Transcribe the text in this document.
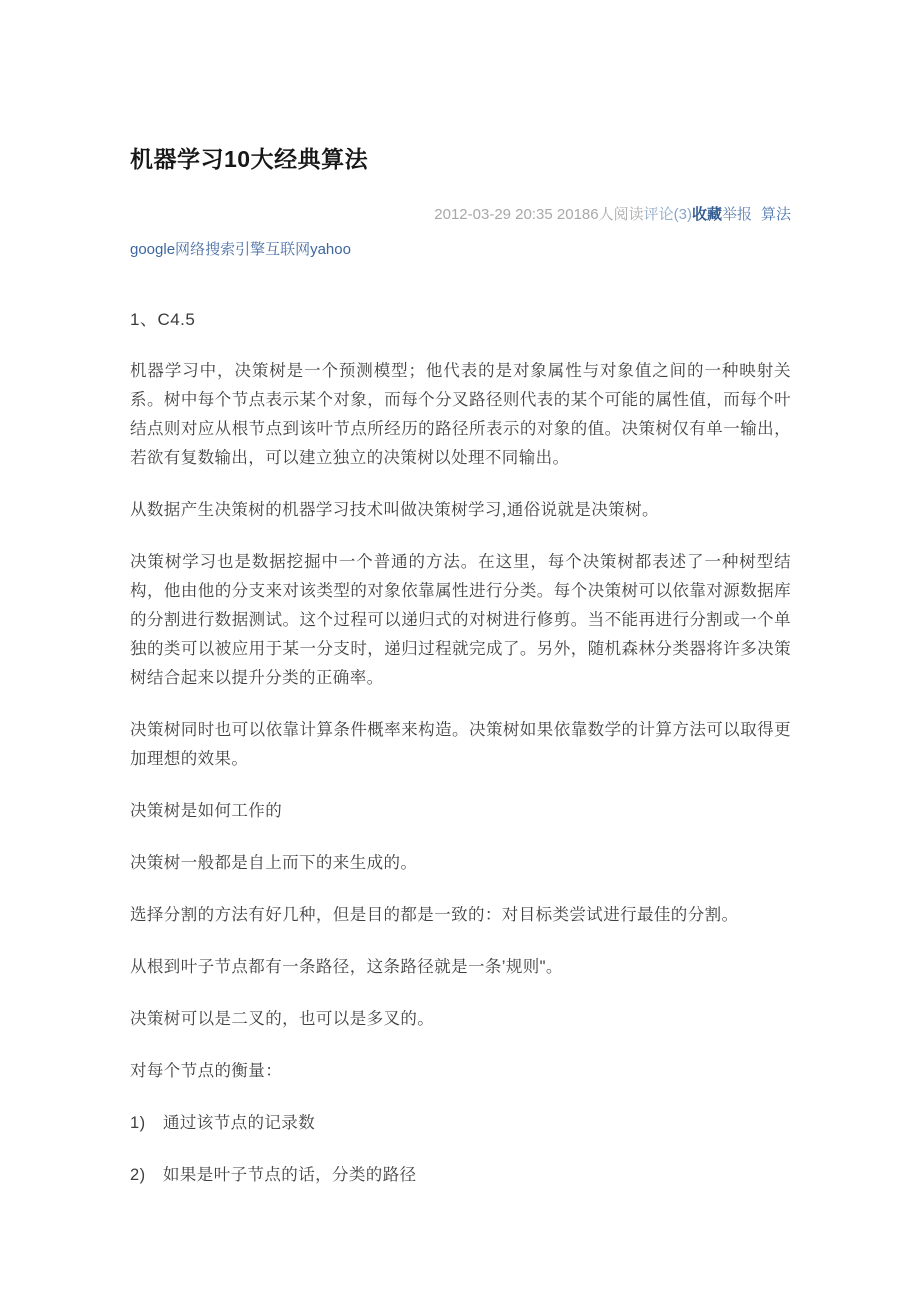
机器学习10大经典算法
2012-03-29 20:35 20186人阅读评论(3)收藏举报 算法
google网络搜索引擎互联网yahoo
1、C4.5

机器学习中，决策树是一个预测模型；他代表的是对象属性与对象值之间的一种映射关系。树中每个节点表示某个对象，而每个分叉路径则代表的某个可能的属性值，而每个叶结点则对应从根节点到该叶节点所经历的路径所表示的对象的值。决策树仅有单一输出，若欲有复数输出，可以建立独立的决策树以处理不同输出。

从数据产生决策树的机器学习技术叫做决策树学习,通俗说就是决策树。

决策树学习也是数据挖掘中一个普通的方法。在这里，每个决策树都表述了一种树型结构，他由他的分支来对该类型的对象依靠属性进行分类。每个决策树可以依靠对源数据库的分割进行数据测试。这个过程可以递归式的对树进行修剪。当不能再进行分割或一个单独的类可以被应用于某一分支时，递归过程就完成了。另外，随机森林分类器将许多决策树结合起来以提升分类的正确率。

决策树同时也可以依靠计算条件概率来构造。决策树如果依靠数学的计算方法可以取得更加理想的效果。

决策树是如何工作的

决策树一般都是自上而下的来生成的。

选择分割的方法有好几种，但是目的都是一致的：对目标类尝试进行最佳的分割。

从根到叶子节点都有一条路径，这条路径就是一条’规则"。

决策树可以是二叉的，也可以是多叉的。

对每个节点的衡量：

1)	通过该节点的记录数
2)	如果是叶子节点的话，分类的路径
